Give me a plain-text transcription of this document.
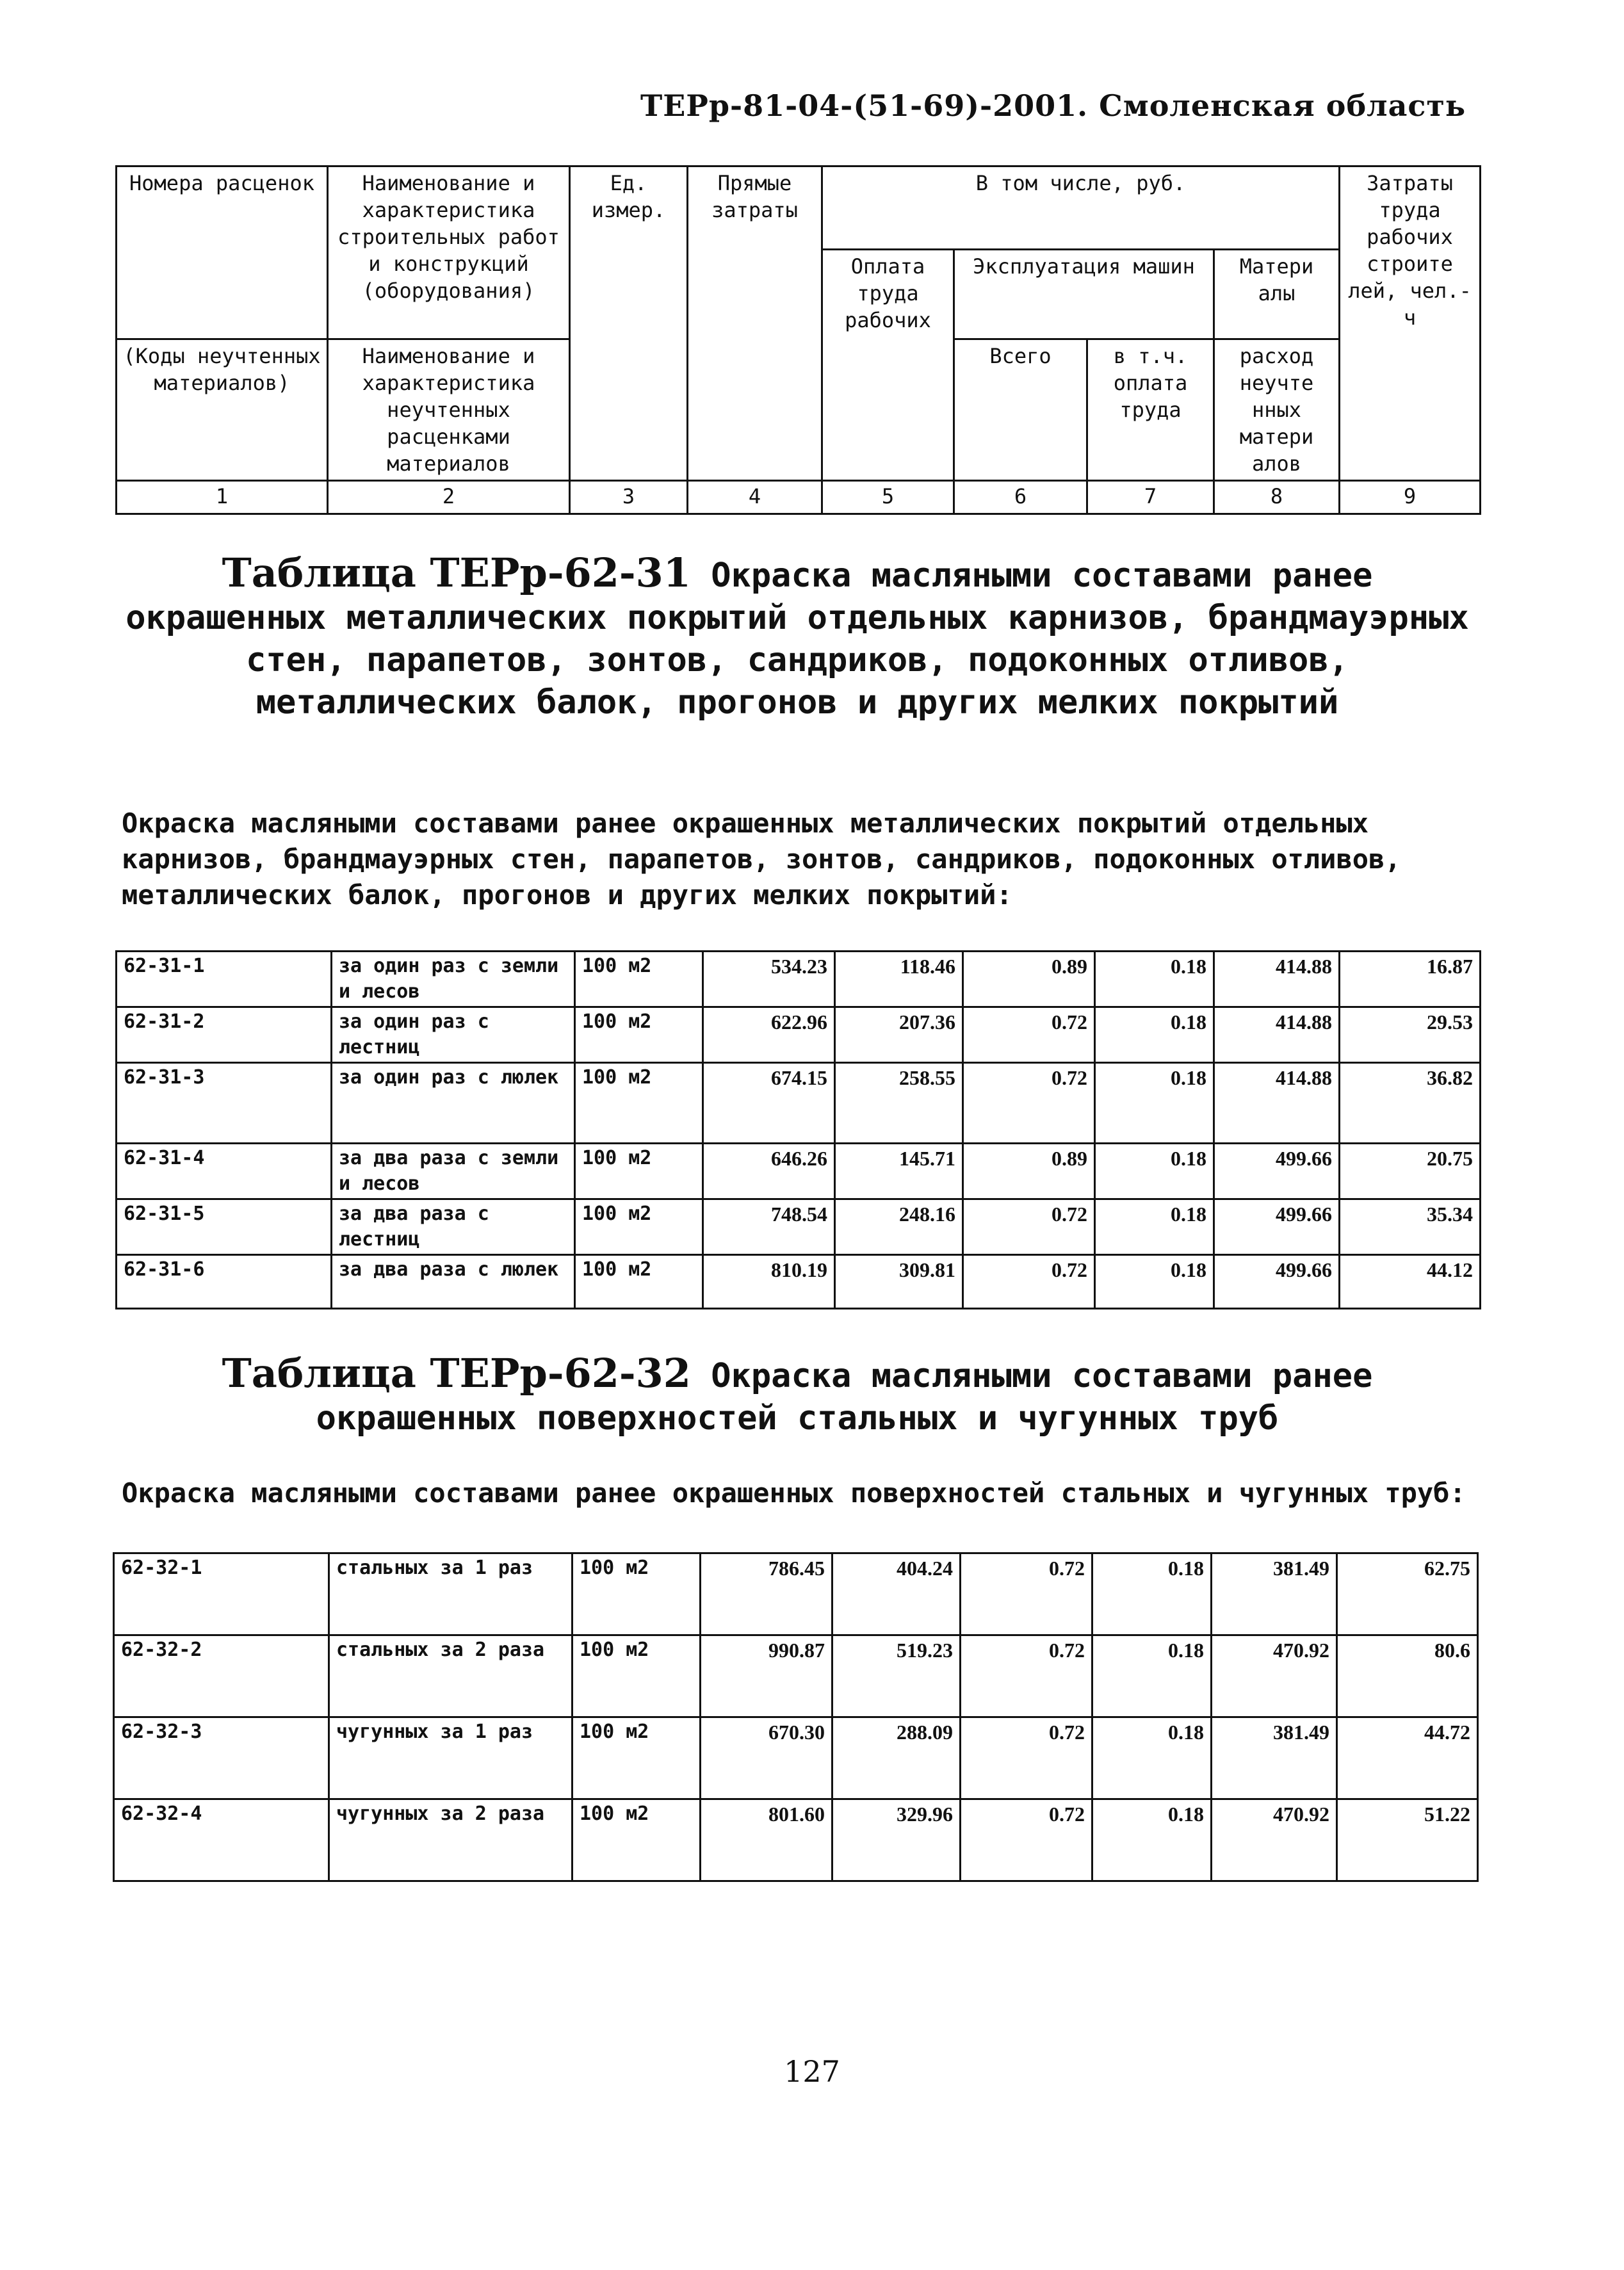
ТЕРр-81-04-(51-69)-2001. Смоленская область
Номера расценок	Наименование и характеристика строительных работ и конструкций (оборудования)	Ед. измер.	Прямые затраты	В том числе, руб.				Затраты труда рабочих строите лей, чел.-ч
				Оплата труда рабочих	Эксплуатация машин		Матери алы	
(Коды неучтенных материалов)	Наименование и характеристика неучтенных расценками материалов				Всего	в т.ч. оплата труда	расход неучте нных матери алов	
1	2	3	4	5	6	7	8	9
Таблица ТЕРр-62-31 Окраска масляными составами ранее окрашенных металлических покрытий отдельных карнизов, брандмауэрных стен, парапетов, зонтов, сандриков, подоконных отливов, металлических балок, прогонов и других мелких покрытий
Окраска масляными составами ранее окрашенных металлических покрытий отдельных карнизов, брандмауэрных стен, парапетов, зонтов, сандриков, подоконных отливов, металлических балок, прогонов и других мелких покрытий:
62-31-1	за один раз с земли и лесов	100 м2	534.23	118.46	0.89	0.18	414.88	16.87
62-31-2	за один раз с лестниц	100 м2	622.96	207.36	0.72	0.18	414.88	29.53
62-31-3	за один раз с люлек	100 м2	674.15	258.55	0.72	0.18	414.88	36.82
62-31-4	за два раза с земли и лесов	100 м2	646.26	145.71	0.89	0.18	499.66	20.75
62-31-5	за два раза с лестниц	100 м2	748.54	248.16	0.72	0.18	499.66	35.34
62-31-6	за два раза с люлек	100 м2	810.19	309.81	0.72	0.18	499.66	44.12
Таблица ТЕРр-62-32 Окраска масляными составами ранее окрашенных поверхностей стальных и чугунных труб
Окраска масляными составами ранее окрашенных поверхностей стальных и чугунных труб:
62-32-1	стальных за 1 раз	100 м2	786.45	404.24	0.72	0.18	381.49	62.75
62-32-2	стальных за 2 раза	100 м2	990.87	519.23	0.72	0.18	470.92	80.6
62-32-3	чугунных за 1 раз	100 м2	670.30	288.09	0.72	0.18	381.49	44.72
62-32-4	чугунных за 2 раза	100 м2	801.60	329.96	0.72	0.18	470.92	51.22
127
